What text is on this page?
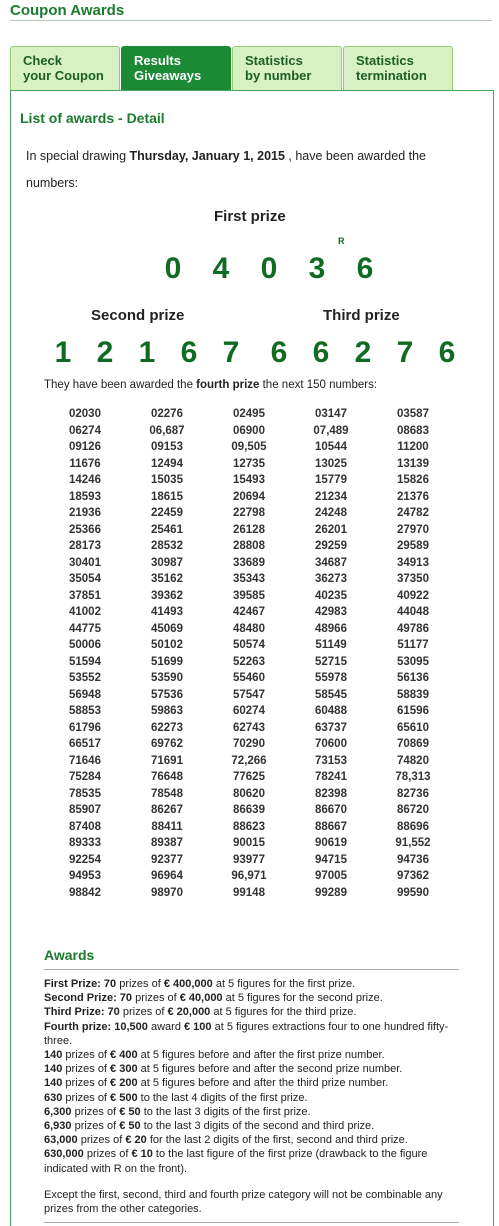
Coupon Awards
Check
your Coupon
Results
Giveaways
Statistics
by number
Statistics
termination
List of awards - Detail
In special drawing Thursday, January 1, 2015 , have been awarded the numbers:
First prize
R
0	4	0	3	6
Second prize	Third prize
1 2 1 6 7	6 6 2 7 6
They have been awarded the fourth prize the next 150 numbers:
02030	02276	02495	03147	03587
06274	06,687	06900	07,489	08683
09126	09153	09,505	10544	11200
11676	12494	12735	13025	13139
14246	15035	15493	15779	15826
18593	18615	20694	21234	21376
21936	22459	22798	24248	24782
25366	25461	26128	26201	27970
28173	28532	28808	29259	29589
30401	30987	33689	34687	34913
35054	35162	35343	36273	37350
37851	39362	39585	40235	40922
41002	41493	42467	42983	44048
44775	45069	48480	48966	49786
50006	50102	50574	51149	51177
51594	51699	52263	52715	53095
53552	53590	55460	55978	56136
56948	57536	57547	58545	58839
58853	59863	60274	60488	61596
61796	62273	62743	63737	65610
66517	69762	70290	70600	70869
71646	71691	72,266	73153	74820
75284	76648	77625	78241	78,313
78535	78548	80620	82398	82736
85907	86267	86639	86670	86720
87408	88411	88623	88667	88696
89333	89387	90015	90619	91,552
92254	92377	93977	94715	94736
94953	96964	96,971	97005	97362
98842	98970	99148	99289	99590
Awards

First Prize: 70 prizes of € 400,000 at 5 figures for the first prize.

Second Prize: 70 prizes of € 40,000 at 5 figures for the second prize.

Third Prize: 70 prizes of € 20,000 at 5 figures for the third prize.

Fourth prize: 10,500 award € 100 at 5 figures extractions four to one hundred fifty-three.

140 prizes of € 400 at 5 figures before and after the first prize number.

140 prizes of € 300 at 5 figures before and after the second prize number.

140 prizes of € 200 at 5 figures before and after the third prize number.

630 prizes of € 500 to the last 4 digits of the first prize.

6,300 prizes of € 50 to the last 3 digits of the first prize.

6,930 prizes of € 50 to the last 3 digits of the second and third prize.

63,000 prizes of € 20 for the last 2 digits of the first, second and third prize.

630,000 prizes of € 10 to the last figure of the first prize (drawback to the figure indicated with R on the front).

Except the first, second, third and fourth prize category will not be combinable any prizes from the other categories.
